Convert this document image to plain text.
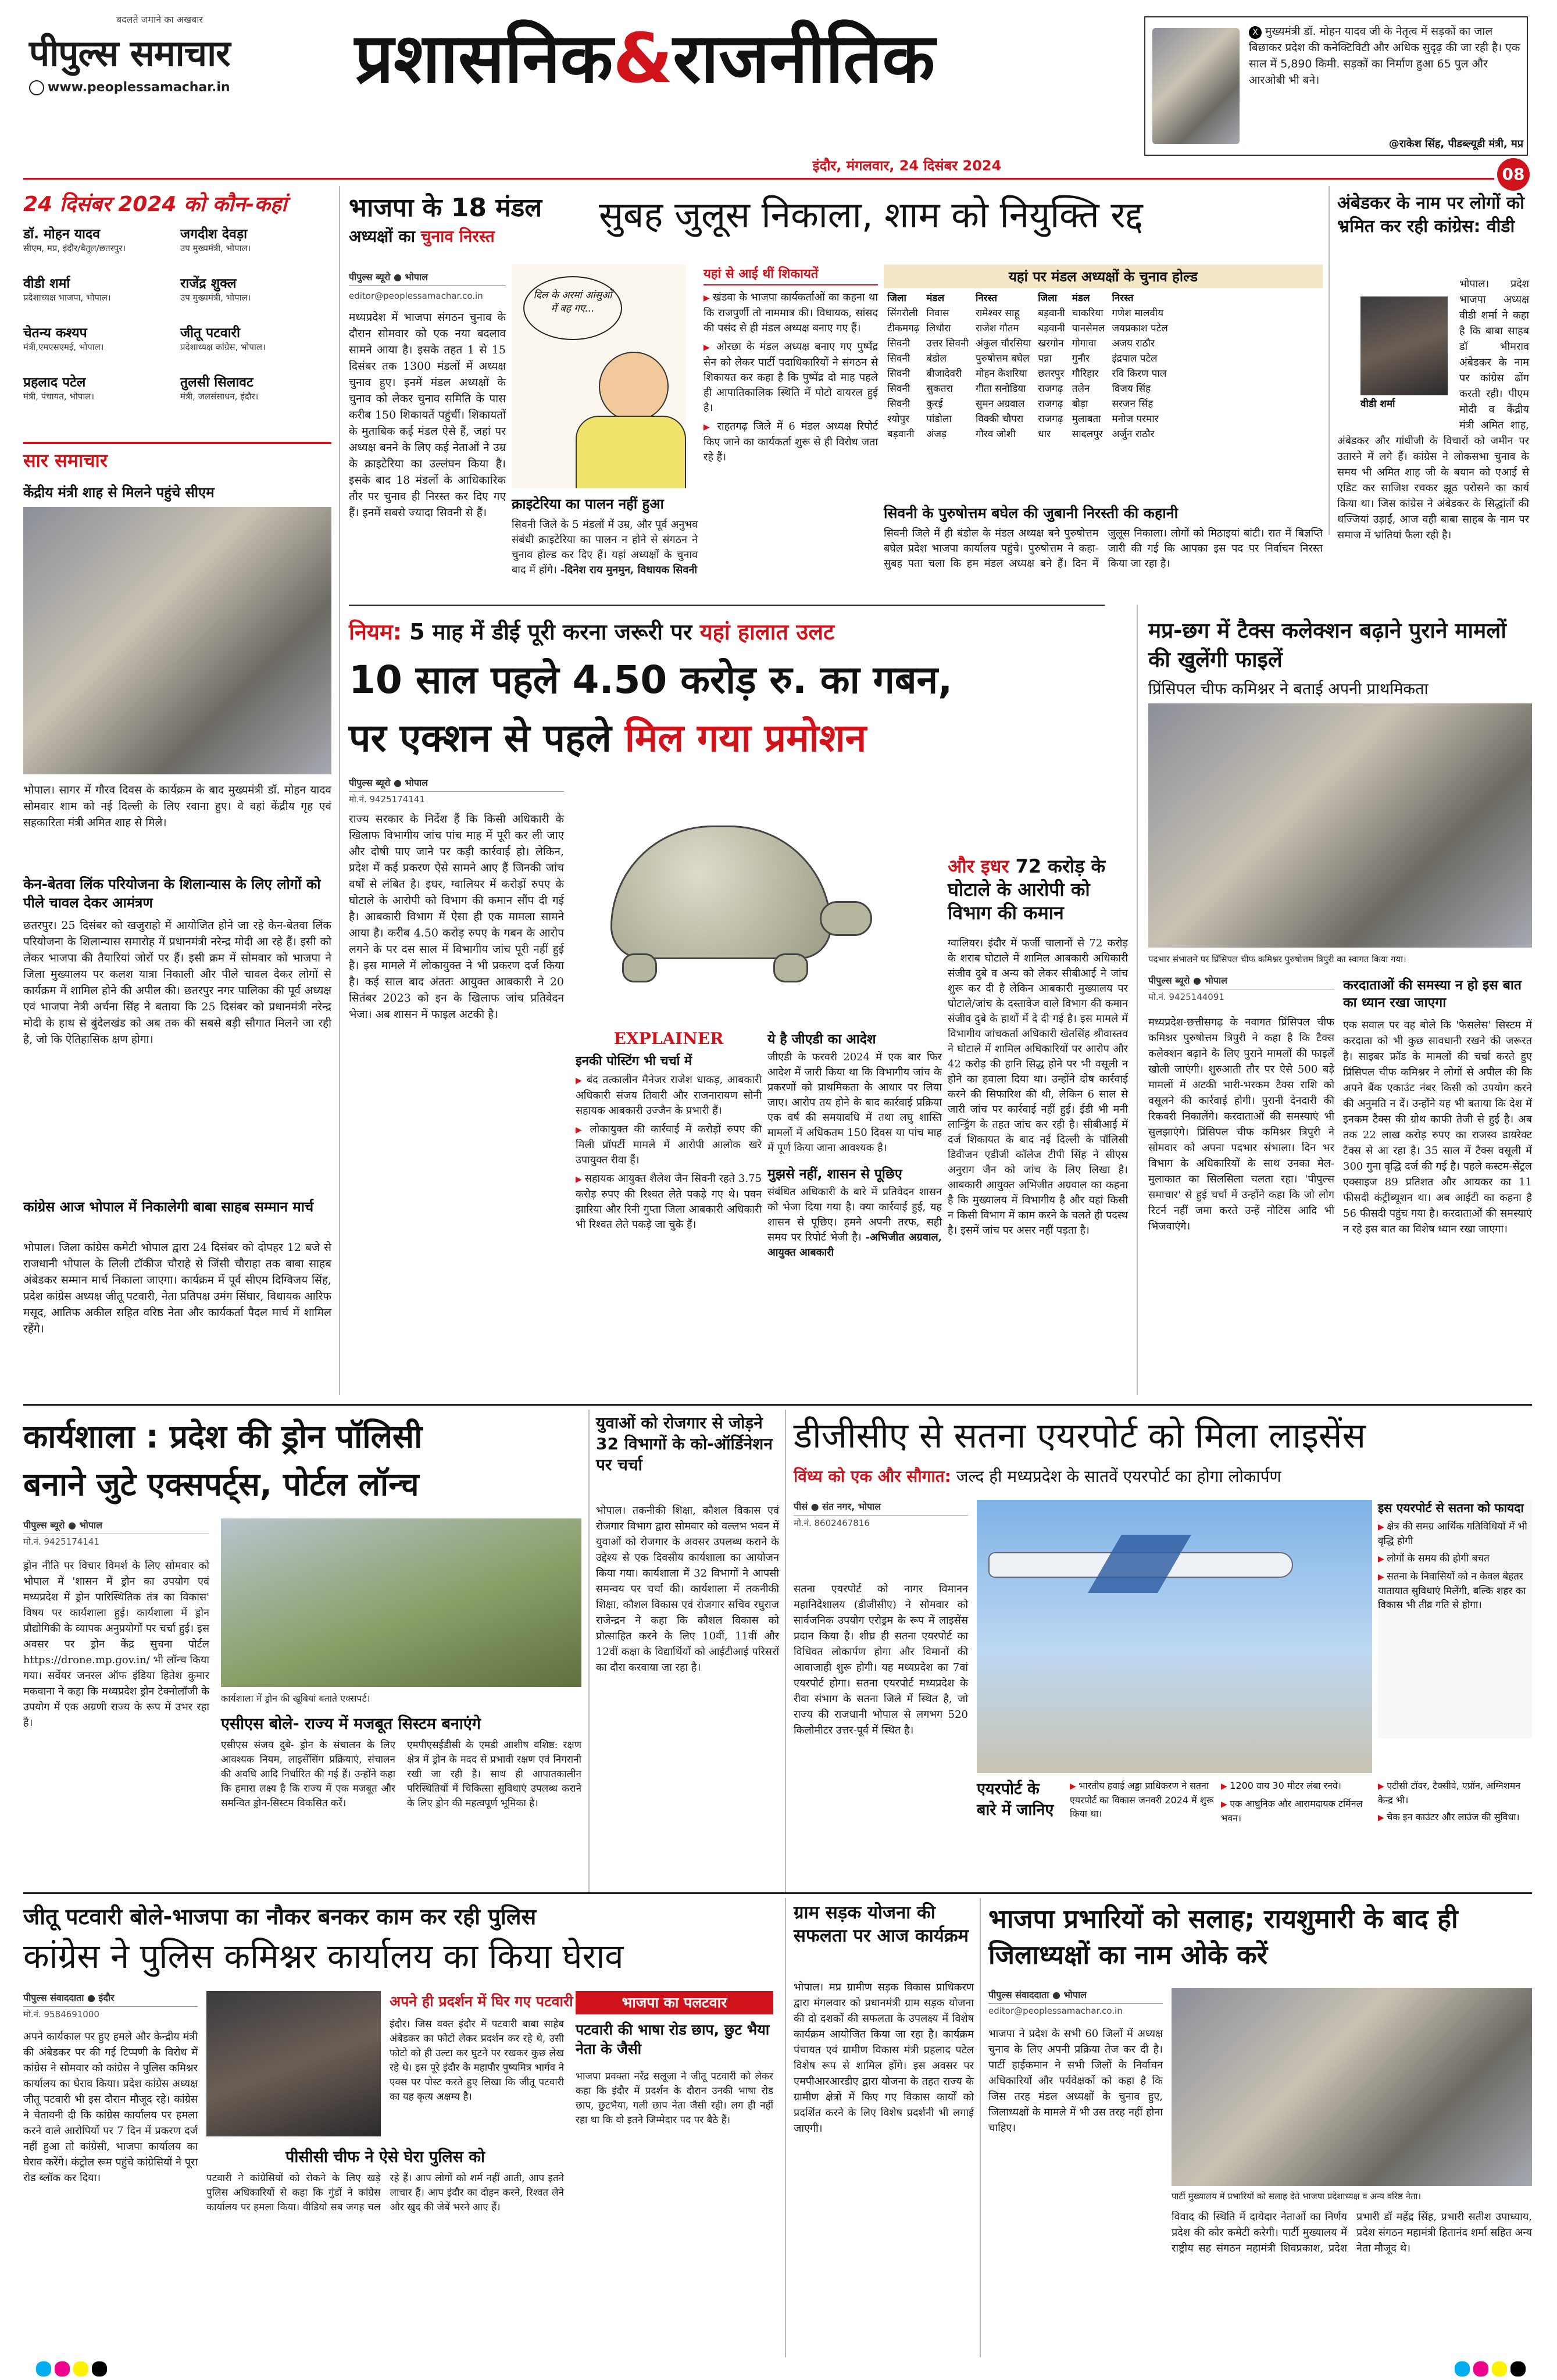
बदलते जमाने का अखबार
पीपुल्स समाचार
www.peoplessamachar.in प्रशासनिक&राजनीतिक	X मुख्यमंत्री डॉ. मोहन यादव जी के नेतृत्व में सड़कों का जाल बिछाकर प्रदेश की कनेक्टिविटी और अधिक सुदृढ़ की जा रही है। एक साल में 5,890 किमी. सड़कों का निर्माण हुआ 65 पुल और आरओबी भी बने।
@राकेश सिंह, पीडब्ल्यूडी मंत्री, मप्र
इंदौर, मंगलवार, 24 दिसंबर 2024	08
24 दिसंबर 2024 को कौन-कहां
डॉ. मोहन यादव
सीएम, मप्र, इंदौर/बैतूल/छतरपुर।
जगदीश देवड़ा
उप मुख्यमंत्री, भोपाल।
वीडी शर्मा
प्रदेशाध्यक्ष भाजपा, भोपाल।
राजेंद्र शुक्ल
उप मुख्यमंत्री, भोपाल।
चेतन्य कश्यप
मंत्री,एमएसएमई, भोपाल।
जीतू पटवारी
प्रदेशाध्यक्ष कांग्रेस, भोपाल।
प्रहलाद पटेल
मंत्री, पंचायत, भोपाल।
तुलसी सिलावट
मंत्री, जलसंसाधन, इंदौर।
सार समाचार
केंद्रीय मंत्री शाह से मिलने पहुंचे सीएम
भोपाल। सागर में गौरव दिवस के कार्यक्रम के बाद मुख्यमंत्री डॉ. मोहन यादव सोमवार शाम को नई दिल्ली के लिए रवाना हुए। वे वहां केंद्रीय गृह एवं सहकारिता मंत्री अमित शाह से मिले।
केन-बेतवा लिंक परियोजना के शिलान्यास के लिए लोगों को पीले चावल देकर आमंत्रण
छतरपुर। 25 दिसंबर को खजुराहो में आयोजित होने जा रहे केन-बेतवा लिंक परियोजना के शिलान्यास समारोह में प्रधानमंत्री नरेन्द्र मोदी आ रहे हैं। इसी को लेकर भाजपा की तैयारियां जोरों पर हैं। इसी क्रम में सोमवार को भाजपा ने जिला मुख्यालय पर कलश यात्रा निकाली और पीले चावल देकर लोगों से कार्यक्रम में शामिल होने की अपील की। छतरपुर नगर पालिका की पूर्व अध्यक्ष एवं भाजपा नेत्री अर्चना सिंह ने बताया कि 25 दिसंबर को प्रधानमंत्री नरेन्द्र मोदी के हाथ से बुंदेलखंड को अब तक की सबसे बड़ी सौगात मिलने जा रही है, जो कि ऐतिहासिक क्षण होगा।
कांग्रेस आज भोपाल में निकालेगी बाबा साहब सम्मान मार्च
भोपाल। जिला कांग्रेस कमेटी भोपाल द्वारा 24 दिसंबर को दोपहर 12 बजे से राजधानी भोपाल के लिली टॉकीज चौराहे से जिंसी चौराहा तक बाबा साहब अंबेडकर सम्मान मार्च निकाला जाएगा। कार्यक्रम में पूर्व सीएम दिग्विजय सिंह, प्रदेश कांग्रेस अध्यक्ष जीतू पटवारी, नेता प्रतिपक्ष उमंग सिंघार, विधायक आरिफ मसूद, आतिफ अकील सहित वरिष्ठ नेता और कार्यकर्ता पैदल मार्च में शामिल रहेंगे।
भाजपा के 18 मंडल
अध्यक्षों का चुनाव निरस्त
सुबह जुलूस निकाला, शाम को नियुक्ति रद्द
पीपुल्स ब्यूरो ● भोपाल
editor@peoplessamachar.co.in
मध्यप्रदेश में भाजपा संगठन चुनाव के दौरान सोमवार को एक नया बदलाव सामने आया है। इसके तहत 1 से 15 दिसंबर तक 1300 मंडलों में अध्यक्ष चुनाव हुए। इनमें मंडल अध्यक्षों के चुनाव को लेकर चुनाव समिति के पास करीब 150 शिकायतें पहुंचीं। शिकायतों के मुताबिक कई मंडल ऐसे हैं, जहां पर अध्यक्ष बनने के लिए कई नेताओं ने उम्र के क्राइटेरिया का उल्लंघन किया है। इसके बाद 18 मंडलों के आधिकारिक तौर पर चुनाव ही निरस्त कर दिए गए हैं। इनमें सबसे ज्यादा सिवनी से हैं।
दिल के अरमां आंसुओं में बह गए...
क्राइटेरिया का पालन नहीं हुआ
सिवनी जिले के 5 मंडलों में उम्र, और पूर्व अनुभव संबंधी क्राइटेरिया का पालन न होने से संगठन ने चुनाव होल्ड कर दिए हैं। यहां अध्यक्षों के चुनाव बाद में होंगे। -दिनेश राय मुनमुन, विधायक सिवनी
यहां से आई थीं शिकायतें
▶ खंडवा के भाजपा कार्यकर्ताओं का कहना था कि राजपुर्णी तो नाममात्र की। विधायक, सांसद की पसंद से ही मंडल अध्यक्ष बनाए गए हैं।
▶ ओरछा के मंडल अध्यक्ष बनाए गए पुष्पेंद्र सेन को लेकर पार्टी पदाधिकारियों ने संगठन से शिकायत कर कहा है कि पुष्पेंद्र दो माह पहले ही आपातिकालिक स्थिति में पोटो वायरल हुई है।
▶ राहतगढ़ जिले में 6 मंडल अध्यक्ष रिपोर्ट किए जाने का कार्यकर्ता शुरू से ही विरोध जता रहे हैं।
यहां पर मंडल अध्यक्षों के चुनाव होल्ड
जिला	मंडल	निरस्त	जिला	मंडल	निरस्त
सिंगरौली	निवास	रामेश्वर साहू	बड़वानी	चाकरिया	गणेश मालवीय
टीकमगढ़	लिधौरा	राजेश गौतम	बड़वानी	पानसेमल	जयप्रकाश पटेल
सिवनी	उत्तर सिवनी	अंकुल चौरसिया	खरगोन	गोगावा	अजय राठौर
सिवनी	बंडोल	पुरुषोत्तम बघेल	पन्ना	गुनौर	इंद्रपाल पटेल
सिवनी	बीजादेवरी	मोहन केशरिया	छतरपुर	गौरिहार	रवि किरण पाल
सिवनी	सुकतरा	गीता सनोडिया	राजगढ़	तलेन	विजय सिंह
सिवनी	कुरई	सुमन अग्रवाल	राजगढ़	बोड़ा	सरजन सिंह
श्योपुर	पांडोला	विक्की चौपरा	राजगढ़	मुलाबता	मनोज परमार
बड़वानी	अंजड़	गौरव जोशी	धार	सादलपुर	अर्जुन राठौर
सिवनी के पुरुषोत्तम बघेल की जुबानी निरस्ती की कहानी
सिवनी जिले में ही बंडोल के मंडल अध्यक्ष बने पुरुषोत्तम बघेल प्रदेश भाजपा कार्यालय पहुंचे। पुरुषोत्तम ने कहा- सुबह पता चला कि हम मंडल अध्यक्ष बने हैं। दिन में जुलूस निकाला। लोगों को मिठाइयां बांटी। रात में बिज्ञप्ति जारी की गई कि आपका इस पद पर निर्वाचन निरस्त किया जा रहा है।
अंबेडकर के नाम पर लोगों को भ्रमित कर रही कांग्रेस: वीडी
वीडी शर्मा
भोपाल। प्रदेश भाजपा अध्यक्ष वीडी शर्मा ने कहा है कि बाबा साहब डॉ भीमराव अंबेडकर के नाम पर कांग्रेस ढोंग करती रही। पीएम मोदी व केंद्रीय मंत्री अमित शाह, अंबेडकर और गांधीजी के विचारों को जमीन पर उतारने में लगे हैं। कांग्रेस ने लोकसभा चुनाव के समय भी अमित शाह जी के बयान को एआई से एडिट कर साजिश रचकर झूठ परोसने का कार्य किया था। जिस कांग्रेस ने अंबेडकर के सिद्धांतों की धज्जियां उड़ाईं, आज वही बाबा साहब के नाम पर समाज में भ्रांतियां फैला रही है।
नियम: 5 माह में डीई पूरी करना जरूरी पर यहां हालात उलट
10 साल पहले 4.50 करोड़ रु. का गबन,
पर एक्शन से पहले मिल गया प्रमोशन
पीपुल्स ब्यूरो ● भोपाल
मो.नं. 9425174141
राज्य सरकार के निर्देश हैं कि किसी अधिकारी के खिलाफ विभागीय जांच पांच माह में पूरी कर ली जाए और दोषी पाए जाने पर कड़ी कार्रवाई हो। लेकिन, प्रदेश में कई प्रकरण ऐसे सामने आए हैं जिनकी जांच वर्षों से लंबित है। इधर, ग्वालियर में करोड़ों रुपए के घोटाले के आरोपी को विभाग की कमान सौंप दी गई है। आबकारी विभाग में ऐसा ही एक मामला सामने आया है। करीब 4.50 करोड़ रुपए के गबन के आरोप लगने के पर दस साल में विभागीय जांच पूरी नहीं हुई है। इस मामले में लोकायुक्त ने भी प्रकरण दर्ज किया है। कई साल बाद अंततः आयुक्त आबकारी ने 20 सितंबर 2023 को इन के खिलाफ जांच प्रतिवेदन भेजा। अब शासन में फाइल अटकी है।
EXPLAINER
इनकी पोस्टिंग भी चर्चा में
▶ बंद तत्कालीन मैनेजर राजेश धाकड़, आबकारी अधिकारी संजय तिवारी और राजनारायण सोनी सहायक आबकारी उज्जैन के प्रभारी हैं।
▶ लोकायुक्त की कार्रवाई में करोड़ों रुपए की मिली प्रॉपर्टी मामले में आरोपी आलोक खरे उपायुक्त रीवा हैं।
▶ सहायक आयुक्त शैलेश जैन सिवनी रहते 3.75 करोड़ रुपए की रिश्वत लेते पकड़े गए थे। पवन झारिया और रिनी गुप्ता जिला आबकारी अधिकारी भी रिश्वत लेते पकड़े जा चुके हैं।
ये है जीएडी का आदेश
जीएडी के फरवरी 2024 में एक बार फिर आदेश में जारी किया था कि विभागीय जांच के प्रकरणों को प्राथमिकता के आधार पर लिया जाए। आरोप तय होने के बाद कार्रवाई प्रक्रिया एक वर्ष की समयावधि में तथा लघु शास्ति मामलों में अधिकतम 150 दिवस या पांच माह में पूर्ण किया जाना आवश्यक है।
मुझसे नहीं, शासन से पूछिए
संबंधित अधिकारी के बारे में प्रतिवेदन शासन को भेजा दिया गया है। क्या कार्रवाई हुई, यह शासन से पूछिए। हमने अपनी तरफ, सही समय पर रिपोर्ट भेजी है। -अभिजीत अग्रवाल, आयुक्त आबकारी
और इधर 72 करोड़ के घोटाले के आरोपी को विभाग की कमान
ग्वालियर। इंदौर में फर्जी चालानों से 72 करोड़ के शराब घोटाले में शामिल आबकारी अधिकारी संजीव दुबे व अन्य को लेकर सीबीआई ने जांच शुरू कर दी है लेकिन आबकारी मुख्यालय पर घोटाले/जांच के दस्तावेज वाले विभाग की कमान संजीव दुबे के हाथों में दे दी गई है। इस मामले में विभागीय जांचकर्ता अधिकारी खेतसिंह श्रीवास्तव ने घोटाले में शामिल अधिकारियों पर आरोप और 42 करोड़ की हानि सिद्ध होने पर भी वसूली न होने का हवाला दिया था। उन्होंने दोष कार्रवाई करने की सिफारिश की थी, लेकिन 6 साल से जारी जांच पर कार्रवाई नहीं हुई। ईडी भी मनी लान्ड्रिंग के तहत जांच कर रही है। सीबीआई में दर्ज शिकायत के बाद नई दिल्ली के पॉलिसी डिवीजन एडीजी कॉलेज टीपी सिंह ने सीएस अनुराग जैन को जांच के लिए लिखा है। आबकारी आयुक्त अभिजीत अग्रवाल का कहना है कि मुख्यालय में विभागीय है और यहां किसी न किसी विभाग में काम करने के चलते ही पदस्थ है। इसमें जांच पर असर नहीं पड़ता है।
मप्र-छग में टैक्स कलेक्शन बढ़ाने पुराने मामलों की खुलेंगी फाइलें
प्रिंसिपल चीफ कमिश्नर ने बताई अपनी प्राथमिकता
पदभार संभालने पर प्रिंसिपल चीफ कमिश्नर पुरुषोत्तम त्रिपुरी का स्वागत किया गया।
पीपुल्स ब्यूरो ● भोपाल
मो.नं. 9425144091
मध्यप्रदेश-छत्तीसगढ़ के नवागत प्रिंसिपल चीफ कमिश्नर पुरुषोत्तम त्रिपुरी ने कहा है कि टैक्स कलेक्शन बढ़ाने के लिए पुराने मामलों की फाइलें खोली जाएंगी। शुरुआती तौर पर ऐसे 500 बड़े मामलों में अटकी भारी-भरकम टैक्स राशि को वसूलने की कार्रवाई होगी। पुरानी देनदारी की रिकवरी निकालेंगे। करदाताओं की समस्याएं भी सुलझाएंगे। प्रिंसिपल चीफ कमिश्नर त्रिपुरी ने सोमवार को अपना पदभार संभाला। दिन भर विभाग के अधिकारियों के साथ उनका मेल-मुलाकात का सिलसिला चलता रहा। 'पीपुल्स समाचार' से हुई चर्चा में उन्होंने कहा कि जो लोग रिटर्न नहीं जमा करते उन्हें नोटिस आदि भी भिजवाएंगे।
करदाताओं की समस्या न हो इस बात का ध्यान रखा जाएगा
एक सवाल पर वह बोले कि 'फेसलेस' सिस्टम में करदाता को भी कुछ सावधानी रखने की जरूरत है। साइबर फ्रॉड के मामलों की चर्चा करते हुए प्रिंसिपल चीफ कमिश्नर ने लोगों से अपील की कि अपने बैंक एकाउंट नंबर किसी को उपयोग करने की अनुमति न दें। उन्होंने यह भी बताया कि देश में इनकम टैक्स की ग्रोथ काफी तेजी से हुई है। अब तक 22 लाख करोड़ रुपए का राजस्व डायरेक्ट टैक्स से आ रहा है। 35 साल में टैक्स वसूली में 300 गुना वृद्धि दर्ज की गई है। पहले कस्टम-सेंट्रल एक्साइज 89 प्रतिशत और आयकर का 11 फीसदी कंट्रीब्यूशन था। अब आईटी का कहना है 56 फीसदी पहुंच गया है। करदाताओं की समस्याएं न रहे इस बात का विशेष ध्यान रखा जाएगा।
कार्यशाला : प्रदेश की ड्रोन पॉलिसी
बनाने जुटे एक्सपर्ट्स, पोर्टल लॉन्च
पीपुल्स ब्यूरो ● भोपाल
मो.नं. 9425174141
ड्रोन नीति पर विचार विमर्श के लिए सोमवार को भोपाल में 'शासन में ड्रोन का उपयोग एवं मध्यप्रदेश में ड्रोन पारिस्थितिक तंत्र का विकास' विषय पर कार्यशाला हुई। कार्यशाला में ड्रोन प्रौद्योगिकी के व्यापक अनुप्रयोगों पर चर्चा हुई। इस अवसर पर ड्रोन केंद्र सुचना पोर्टल https://drone.mp.gov.in/ भी लॉन्च किया गया। सर्वेयर जनरल ऑफ इंडिया हितेश कुमार मकवाना ने कहा कि मध्यप्रदेश ड्रोन टेक्नोलॉजी के उपयोग में एक अग्रणी राज्य के रूप में उभर रहा है।
कार्यशाला में ड्रोन की खूबियां बताते एक्सपर्ट।
एसीएस बोले- राज्य में मजबूत सिस्टम बनाएंगे
एसीएस संजय दुबे- ड्रोन के संचालन के लिए आवश्यक नियम, लाइसेंसिंग प्रक्रियाएं, संचालन की अवधि आदि निर्धारित की गई हैं। उन्होंने कहा कि हमारा लक्ष्य है कि राज्य में एक मजबूत और समन्वित ड्रोन-सिस्टम विकसित करें।
एमपीएसईडीसी के एमडी आशीष वशिष्ठ: रक्षण क्षेत्र में ड्रोन के मदद से प्रभावी रक्षण एवं निगरानी रखी जा रही है। साथ ही आपातकालीन परिस्थितियों में चिकित्सा सुविधाएं उपलब्ध कराने के लिए ड्रोन की महत्वपूर्ण भूमिका है।
युवाओं को रोजगार से जोड़ने 32 विभागों के को-ऑर्डिनेशन पर चर्चा
भोपाल। तकनीकी शिक्षा, कौशल विकास एवं रोजगार विभाग द्वारा सोमवार को वल्लभ भवन में युवाओं को रोजगार के अवसर उपलब्ध कराने के उद्देश्य से एक दिवसीय कार्यशाला का आयोजन किया गया। कार्यशाला में 32 विभागों ने आपसी समन्वय पर चर्चा की। कार्यशाला में तकनीकी शिक्षा, कौशल विकास एवं रोजगार सचिव रघुराज राजेन्द्रन ने कहा कि कौशल विकास को प्रोत्साहित करने के लिए 10वीं, 11वीं और 12वीं कक्षा के विद्यार्थियों को आईटीआई परिसरों का दौरा करवाया जा रहा है।
डीजीसीए से सतना एयरपोर्ट को मिला लाइसेंस
विंध्य को एक और सौगात: जल्द ही मध्यप्रदेश के सातवें एयरपोर्ट का होगा लोकार्पण
पीसं ● संत नगर, भोपाल
मो.नं. 8602467816
सतना एयरपोर्ट को नागर विमानन महानिदेशालय (डीजीसीए) ने सोमवार को सार्वजनिक उपयोग एरोड्रम के रूप में लाइसेंस प्रदान किया है। शीघ्र ही सतना एयरपोर्ट का विधिवत लोकार्पण होगा और विमानों की आवाजाही शुरू होगी। यह मध्यप्रदेश का 7वां एयरपोर्ट होगा। सतना एयरपोर्ट मध्यप्रदेश के रीवा संभाग के सतना जिले में स्थित है, जो राज्य की राजधानी भोपाल से लगभग 520 किलोमीटर उत्तर-पूर्व में स्थित है।
इस एयरपोर्ट से सतना को फायदा
▶ क्षेत्र की समग्र आर्थिक गतिविधियों में भी वृद्धि होगी
▶ लोगों के समय की होगी बचत
▶ सतना के निवासियों को न केवल बेहतर यातायात सुविधाएं मिलेंगी, बल्कि शहर का विकास भी तीव्र गति से होगा।
एयरपोर्ट के बारे में जानिए
▶ भारतीय हवाई अड्डा प्राधिकरण ने सतना एयरपोर्ट का विकास जनवरी 2024 में शुरू किया था।
▶ 1200 वाय 30 मीटर लंबा रनवे।
▶ एक आधुनिक और आरामदायक टर्मिनल भवन।
▶ एटीसी टॉवर, टैक्सीवे, एप्रॉन, अग्निशमन केन्द्र भी।
▶ चेक इन काउंटर और लाउंज की सुविधा।
जीतू पटवारी बोले-भाजपा का नौकर बनकर काम कर रही पुलिस
कांग्रेस ने पुलिस कमिश्नर कार्यालय का किया घेराव
पीपुल्स संवाददाता ● इंदौर
मो.नं. 9584691000
अपने कार्यकाल पर हुए हमले और केन्द्रीय मंत्री की अंबेडकर पर की गई टिप्पणी के विरोध में कांग्रेस ने सोमवार को कांग्रेस ने पुलिस कमिश्नर कार्यालय का घेराव किया। प्रदेश कांग्रेस अध्यक्ष जीतू पटवारी भी इस दौरान मौजूद रहे। कांग्रेस ने चेतावनी दी कि कांग्रेस कार्यालय पर हमला करने वाले आरोपियों पर 7 दिन में प्रकरण दर्ज नहीं हुआ तो कांग्रेसी, भाजपा कार्यालय का घेराव करेंगे। कंट्रोल रूम पहुंचे कांग्रेसियों ने पूरा रोड ब्लॉक कर दिया।
अपने ही प्रदर्शन में घिर गए पटवारी
इंदौर। जिस वक्त इंदौर में पटवारी बाबा साहेब अंबेडकर का फोटो लेकर प्रदर्शन कर रहे थे, उसी फोटो को ही उल्टा कर घुटने पर रखकर कुछ लेख रहे थे। इस पूरे इंदौर के महापौर पुष्यमित्र भार्गव ने एक्स पर पोस्ट करते हुए लिखा कि जीतू पटवारी का यह कृत्य अक्षम्य है।
पीसीसी चीफ ने ऐसे घेरा पुलिस को
पटवारी ने कांग्रेसियों को रोकने के लिए खड़े पुलिस अधिकारियों से कहा कि गुंडों ने कांग्रेस कार्यालय पर हमला किया। वीडियो सब जगह चल रहे हैं। आप लोगों को शर्म नहीं आती, आप इतने लाचार हैं। आप इंदौर का दोहन करने, रिश्वत लेने और खुद की जेबें भरने आए हैं।
भाजपा का पलटवार
पटवारी की भाषा रोड छाप, छुट भैया नेता के जैसी
भाजपा प्रवक्ता नरेंद्र सलूजा ने जीतू पटवारी को लेकर कहा कि इंदौर में प्रदर्शन के दौरान उनकी भाषा रोड छाप, छुटभैया, गली छाप नेता जैसी रही। लग ही नहीं रहा था कि वो इतने जिम्मेदार पद पर बैठे हैं।
ग्राम सड़क योजना की सफलता पर आज कार्यक्रम
भोपाल। मप्र ग्रामीण सड़क विकास प्राधिकरण द्वारा मंगलवार को प्रधानमंत्री ग्राम सड़क योजना की दो दशकों की सफलता के उपलक्ष्य में विशेष कार्यक्रम आयोजित किया जा रहा है। कार्यक्रम पंचायत एवं ग्रामीण विकास मंत्री प्रहलाद पटेल विशेष रूप से शामिल होंगे। इस अवसर पर एमपीआरआरडीए द्वारा योजना के तहत राज्य के ग्रामीण क्षेत्रों में किए गए विकास कार्यों को प्रदर्शित करने के लिए विशेष प्रदर्शनी भी लगाई जाएगी।
भाजपा प्रभारियों को सलाह; रायशुमारी के बाद ही जिलाध्यक्षों का नाम ओके करें
पीपुल्स संवाददाता ● भोपाल
editor@peoplessamachar.co.in
भाजपा ने प्रदेश के सभी 60 जिलों में अध्यक्ष चुनाव के लिए अपनी प्रक्रिया तेज कर दी है। पार्टी हाईकमान ने सभी जिलों के निर्वाचन अधिकारियों और पर्यवेक्षकों को कहा है कि जिस तरह मंडल अध्यक्षों के चुनाव हुए, जिलाध्यक्षों के मामले में भी उस तरह नहीं होना चाहिए।
पार्टी मुख्यालय में प्रभारियों को सलाह देते भाजपा प्रदेशाध्यक्ष व अन्य वरिष्ठ नेता।
विवाद की स्थिति में दायेदार नेताओं का निर्णय प्रदेश की कोर कमेटी करेगी। पार्टी मुख्यालय में राष्ट्रीय सह संगठन महामंत्री शिवप्रकाश, प्रदेश प्रभारी डॉ महेंद्र सिंह, प्रभारी सतीश उपाध्याय, प्रदेश संगठन महामंत्री हितानंद शर्मा सहित अन्य नेता मौजूद थे।
